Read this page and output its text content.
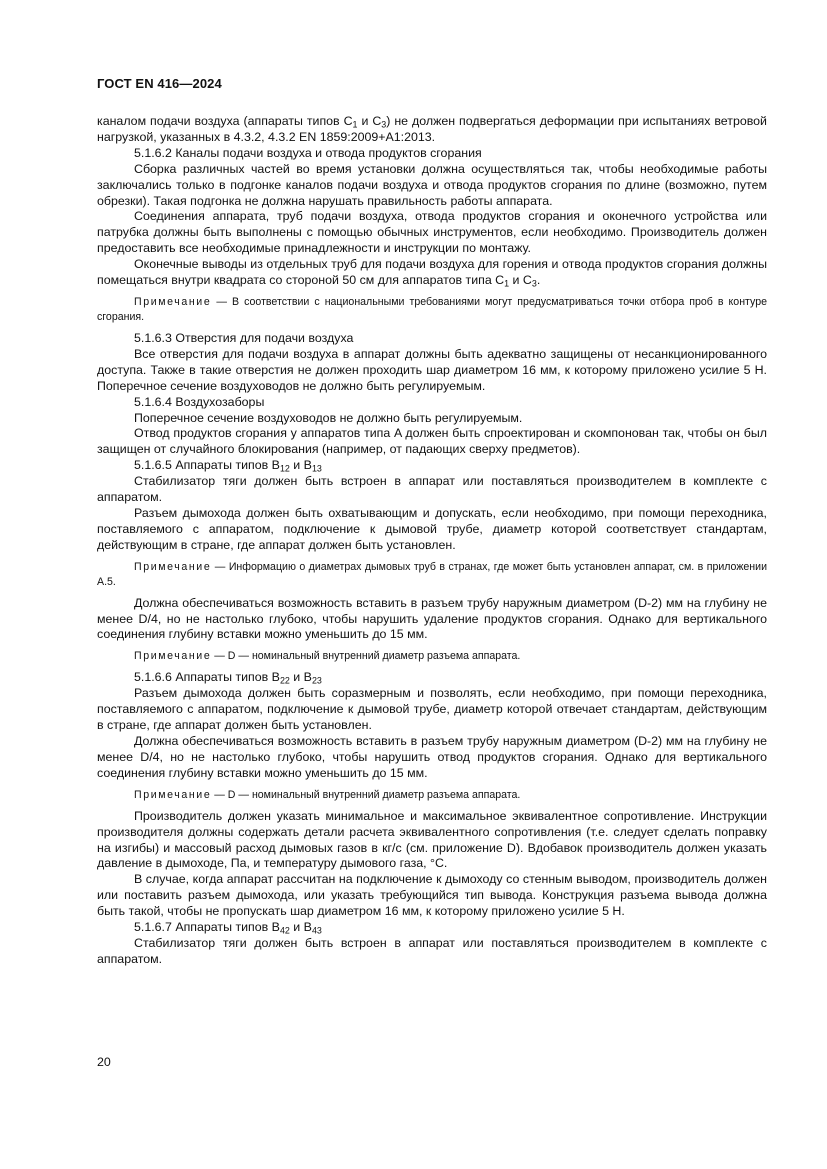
ГОСТ EN 416—2024

каналом подачи воздуха (аппараты типов $C_1$ и $C_3$) не должен подвергаться деформации при испытаниях ветровой нагрузкой, указанных в 4.3.2, 4.3.2 EN 1859:2009+A1:2013.

5.1.6.2 Каналы подачи воздуха и отвода продуктов сгорания

Сборка различных частей во время установки должна осуществляться так, чтобы необходимые работы заключались только в подгонке каналов подачи воздуха и отвода продуктов сгорания по длине (возможно, путем обрезки). Такая подгонка не должна нарушать правильность работы аппарата.

Соединения аппарата, труб подачи воздуха, отвода продуктов сгорания и оконечного устройства или патрубка должны быть выполнены с помощью обычных инструментов, если необходимо. Производитель должен предоставить все необходимые принадлежности и инструкции по монтажу.

Оконечные выводы из отдельных труб для подачи воздуха для горения и отвода продуктов сгорания должны помещаться внутри квадрата со стороной 50 см для аппаратов типа $C_1$ и $C_3$.

Примечание — В соответствии с национальными требованиями могут предусматриваться точки отбора проб в контуре сгорания.

5.1.6.3 Отверстия для подачи воздуха

Все отверстия для подачи воздуха в аппарат должны быть адекватно защищены от несанкционированного доступа. Также в такие отверстия не должен проходить шар диаметром 16 мм, к которому приложено усилие 5 Н. Поперечное сечение воздуховодов не должно быть регулируемым.

5.1.6.4 Воздухозаборы

Поперечное сечение воздуховодов не должно быть регулируемым.

Отвод продуктов сгорания у аппаратов типа A должен быть спроектирован и скомпонован так, чтобы он был защищен от случайного блокирования (например, от падающих сверху предметов).

5.1.6.5 Аппараты типов $B_{12}$ и $B_{13}$

Стабилизатор тяги должен быть встроен в аппарат или поставляться производителем в комплекте с аппаратом.

Разъем дымохода должен быть охватывающим и допускать, если необходимо, при помощи переходника, поставляемого с аппаратом, подключение к дымовой трубе, диаметр которой соответствует стандартам, действующим в стране, где аппарат должен быть установлен.

Примечание — Информацию о диаметрах дымовых труб в странах, где может быть установлен аппарат, см. в приложении A.5.

Должна обеспечиваться возможность вставить в разъем трубу наружным диаметром (D-2) мм на глубину не менее D/4, но не настолько глубоко, чтобы нарушить удаление продуктов сгорания. Однако для вертикального соединения глубину вставки можно уменьшить до 15 мм.

Примечание — D — номинальный внутренний диаметр разъема аппарата.

5.1.6.6 Аппараты типов $B_{22}$ и $B_{23}$

Разъем дымохода должен быть соразмерным и позволять, если необходимо, при помощи переходника, поставляемого с аппаратом, подключение к дымовой трубе, диаметр которой отвечает стандартам, действующим в стране, где аппарат должен быть установлен.

Должна обеспечиваться возможность вставить в разъем трубу наружным диаметром (D-2) мм на глубину не менее D/4, но не настолько глубоко, чтобы нарушить отвод продуктов сгорания. Однако для вертикального соединения глубину вставки можно уменьшить до 15 мм.

Примечание — D — номинальный внутренний диаметр разъема аппарата.

Производитель должен указать минимальное и максимальное эквивалентное сопротивление. Инструкции производителя должны содержать детали расчета эквивалентного сопротивления (т.е. следует сделать поправку на изгибы) и массовый расход дымовых газов в кг/с (см. приложение D). Вдобавок производитель должен указать давление в дымоходе, Па, и температуру дымового газа, °C.

В случае, когда аппарат рассчитан на подключение к дымоходу со стенным выводом, производитель должен или поставить разъем дымохода, или указать требующийся тип вывода. Конструкция разъема вывода должна быть такой, чтобы не пропускать шар диаметром 16 мм, к которому приложено усилие 5 Н.

5.1.6.7 Аппараты типов $B_{42}$ и $B_{43}$

Стабилизатор тяги должен быть встроен в аппарат или поставляться производителем в комплекте с аппаратом.

20
